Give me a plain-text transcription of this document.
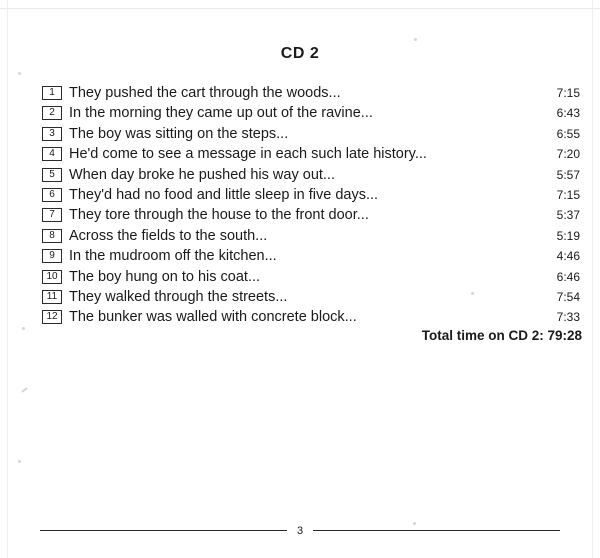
CD 2
1 They pushed the cart through the woods...	7:15
2 In the morning they came up out of the ravine...	6:43
3 The boy was sitting on the steps...	6:55
4 He'd come to see a message in each such late history...	7:20
5 When day broke he pushed his way out...	5:57
6 They'd had no food and little sleep in five days...	7:15
7 They tore through the house to the front door...	5:37
8 Across the fields to the south...	5:19
9 In the mudroom off the kitchen...	4:46
10 The boy hung on to his coat...	6:46
11 They walked through the streets...	7:54
12 The bunker was walled with concrete block...	7:33
Total time on CD 2: 79:28
3
